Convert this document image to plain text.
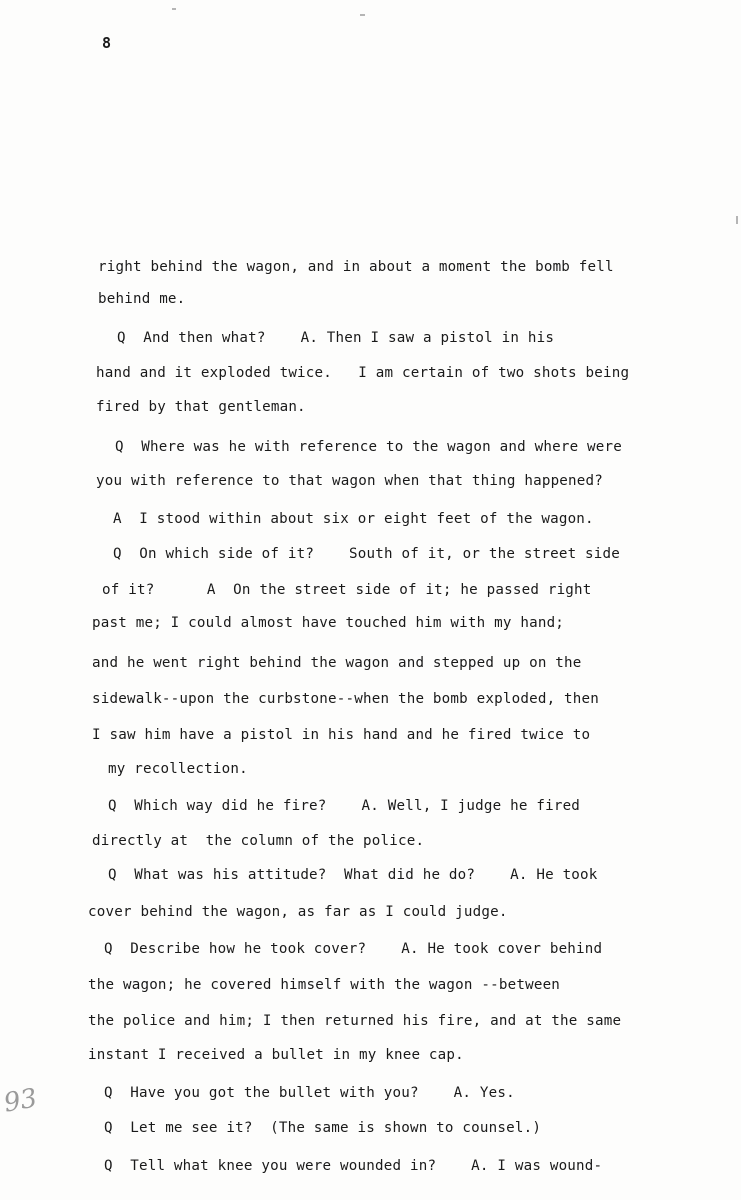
8
right behind the wagon, and in about a moment the bomb fell
behind me.
Q  And then what?    A. Then I saw a pistol in his
hand and it exploded twice.   I am certain of two shots being
fired by that gentleman.
Q  Where was he with reference to the wagon and where were
you with reference to that wagon when that thing happened?
A  I stood within about six or eight feet of the wagon.
Q  On which side of it?    South of it, or the street side
of it?      A  On the street side of it; he passed right
past me; I could almost have touched him with my hand;
and he went right behind the wagon and stepped up on the
sidewalk--upon the curbstone--when the bomb exploded, then
I saw him have a pistol in his hand and he fired twice to
my recollection.
Q  Which way did he fire?    A. Well, I judge he fired
directly at  the column of the police.
Q  What was his attitude?  What did he do?    A. He took
cover behind the wagon, as far as I could judge.
Q  Describe how he took cover?    A. He took cover behind
the wagon; he covered himself with the wagon --between
the police and him; I then returned his fire, and at the same
instant I received a bullet in my knee cap.
Q  Have you got the bullet with you?    A. Yes.
Q  Let me see it?  (The same is shown to counsel.)
Q  Tell what knee you were wounded in?    A. I was wound-
93
